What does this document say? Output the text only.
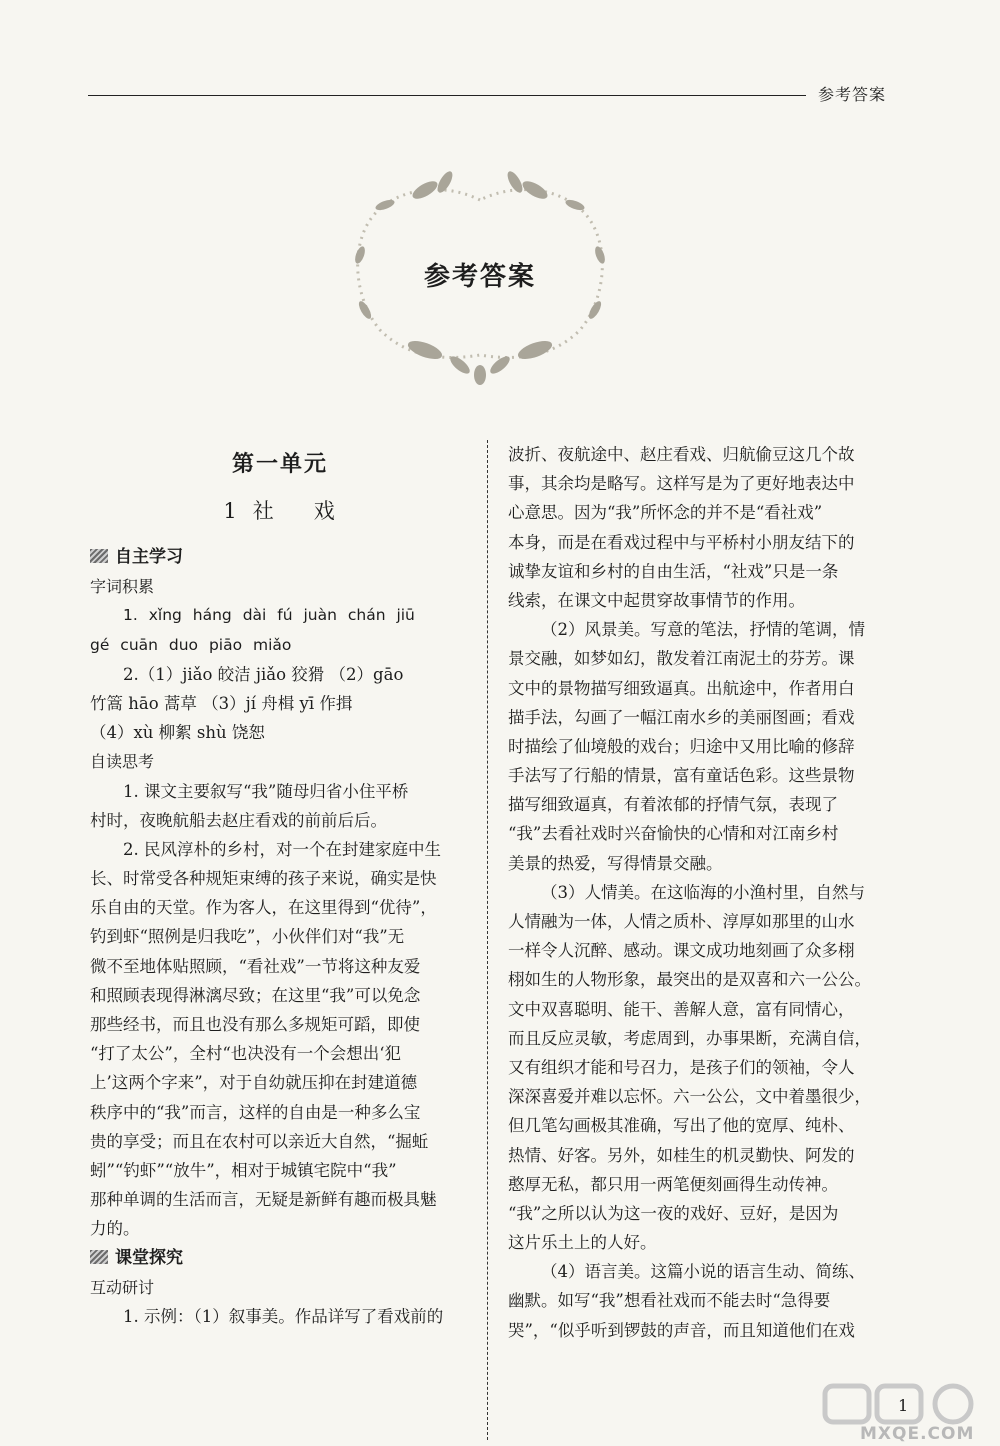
参考答案
参考答案
第一单元
1 社 戏
自主学习
字词积累
1. xǐng háng dài fú juàn chán jiū
gé cuān duo piāo miǎo
2.（1）jiǎo 皎洁 jiǎo 狡猾 （2）gāo
竹篙 hāo 蒿草 （3）jí 舟楫 yī 作揖
（4）xù 柳絮 shù 饶恕
自读思考
1. 课文主要叙写“我”随母归省小住平桥
村时，夜晚航船去赵庄看戏的前前后后。
2. 民风淳朴的乡村，对一个在封建家庭中生
长、时常受各种规矩束缚的孩子来说，确实是快
乐自由的天堂。作为客人，在这里得到“优待”，
钓到虾“照例是归我吃”，小伙伴们对“我”无
微不至地体贴照顾，“看社戏”一节将这种友爱
和照顾表现得淋漓尽致；在这里“我”可以免念
那些经书，而且也没有那么多规矩可蹈，即使
“打了太公”，全村“也决没有一个会想出‘犯
上’这两个字来”，对于自幼就压抑在封建道德
秩序中的“我”而言，这样的自由是一种多么宝
贵的享受；而且在农村可以亲近大自然，“掘蚯
蚓”“钓虾”“放牛”，相对于城镇宅院中“我”
那种单调的生活而言，无疑是新鲜有趣而极具魅
力的。
课堂探究
互动研讨
1. 示例：（1）叙事美。作品详写了看戏前的
波折、夜航途中、赵庄看戏、归航偷豆这几个故
事，其余均是略写。这样写是为了更好地表达中
心意思。因为“我”所怀念的并不是“看社戏”
本身，而是在看戏过程中与平桥村小朋友结下的
诚挚友谊和乡村的自由生活，“社戏”只是一条
线索，在课文中起贯穿故事情节的作用。
（2）风景美。写意的笔法，抒情的笔调，情
景交融，如梦如幻，散发着江南泥土的芬芳。课
文中的景物描写细致逼真。出航途中，作者用白
描手法，勾画了一幅江南水乡的美丽图画；看戏
时描绘了仙境般的戏台；归途中又用比喻的修辞
手法写了行船的情景，富有童话色彩。这些景物
描写细致逼真，有着浓郁的抒情气氛，表现了
“我”去看社戏时兴奋愉快的心情和对江南乡村
美景的热爱，写得情景交融。
（3）人情美。在这临海的小渔村里，自然与
人情融为一体，人情之质朴、淳厚如那里的山水
一样令人沉醉、感动。课文成功地刻画了众多栩
栩如生的人物形象，最突出的是双喜和六一公公。
文中双喜聪明、能干、善解人意，富有同情心，
而且反应灵敏，考虑周到，办事果断，充满自信，
又有组织才能和号召力，是孩子们的领袖，令人
深深喜爱并难以忘怀。六一公公，文中着墨很少，
但几笔勾画极其准确，写出了他的宽厚、纯朴、
热情、好客。另外，如桂生的机灵勤快、阿发的
憨厚无私，都只用一两笔便刻画得生动传神。
“我”之所以认为这一夜的戏好、豆好，是因为
这片乐土上的人好。
（4）语言美。这篇小说的语言生动、简练、
幽默。如写“我”想看社戏而不能去时“急得要
哭”，“似乎听到锣鼓的声音，而且知道他们在戏
1
MXQE.COM
